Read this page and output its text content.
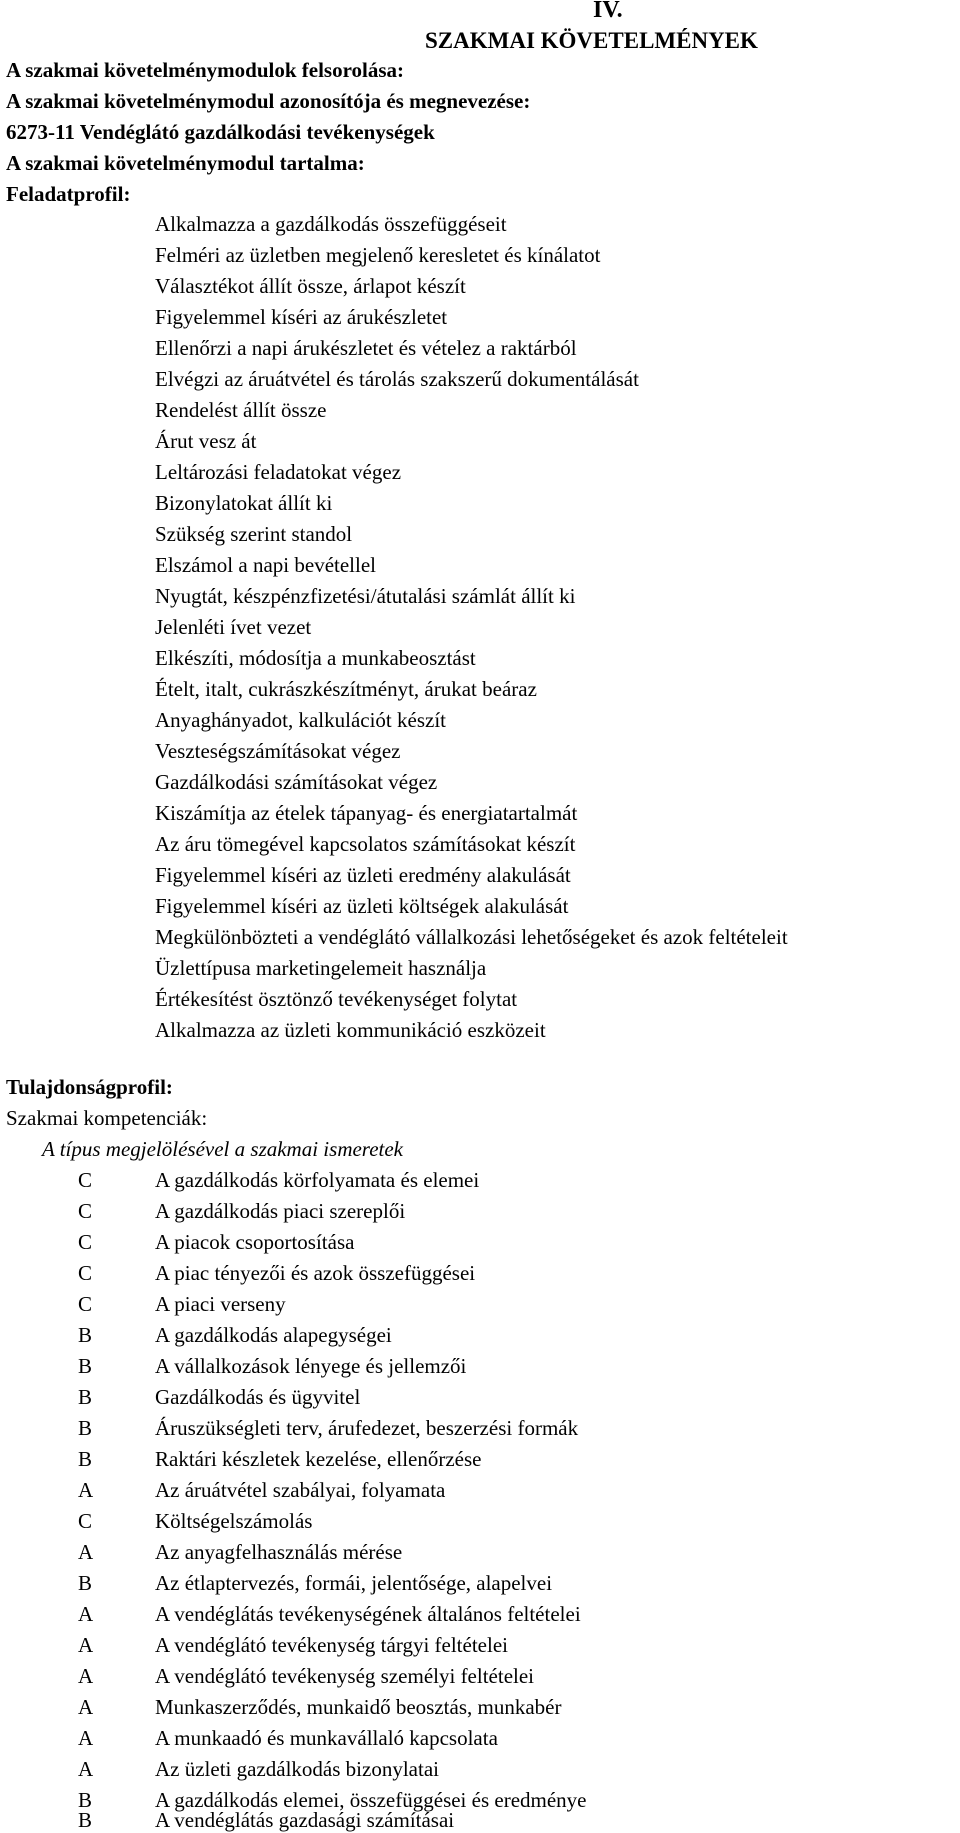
IV.
SZAKMAI KÖVETELMÉNYEK
A szakmai követelménymodulok felsorolása:
A szakmai követelménymodul azonosítója és megnevezése:
6273-11 Vendéglátó gazdálkodási tevékenységek
A szakmai követelménymodul tartalma:
Feladatprofil:
Alkalmazza a gazdálkodás összefüggéseit
Felméri az üzletben megjelenő keresletet és kínálatot
Választékot állít össze, árlapot készít
Figyelemmel kíséri az árukészletet
Ellenőrzi a napi árukészletet és vételez a raktárból
Elvégzi az áruátvétel és tárolás szakszerű dokumentálását
Rendelést állít össze
Árut vesz át
Leltározási feladatokat végez
Bizonylatokat állít ki
Szükség szerint standol
Elszámol a napi bevétellel
Nyugtát, készpénzfizetési/átutalási számlát állít ki
Jelenléti ívet vezet
Elkészíti, módosítja a munkabeosztást
Ételt, italt, cukrászkészítményt, árukat beáraz
Anyaghányadot, kalkulációt készít
Veszteségszámításokat végez
Gazdálkodási számításokat végez
Kiszámítja az ételek tápanyag- és energiatartalmát
Az áru tömegével kapcsolatos számításokat készít
Figyelemmel kíséri az üzleti eredmény alakulását
Figyelemmel kíséri az üzleti költségek alakulását
Megkülönbözteti a vendéglátó vállalkozási lehetőségeket és azok feltételeit
Üzlettípusa marketingelemeit használja
Értékesítést ösztönző tevékenységet folytat
Alkalmazza az üzleti kommunikáció eszközeit
Tulajdonságprofil:
Szakmai kompetenciák:
A típus megjelölésével a szakmai ismeretek
C	A gazdálkodás körfolyamata és elemei
C	A gazdálkodás piaci szereplői
C	A piacok csoportosítása
C	A piac tényezői és azok összefüggései
C	A piaci verseny
B	A gazdálkodás alapegységei
B	A vállalkozások lényege és jellemzői
B	Gazdálkodás és ügyvitel
B	Áruszükségleti terv, árufedezet, beszerzési formák
B	Raktári készletek kezelése, ellenőrzése
A	Az áruátvétel szabályai, folyamata
C	Költségelszámolás
A	Az anyagfelhasználás mérése
B	Az étlaptervezés, formái, jelentősége, alapelvei
A	A vendéglátás tevékenységének általános feltételei
A	A vendéglátó tevékenység tárgyi feltételei
A	A vendéglátó tevékenység személyi feltételei
A	Munkaszerződés, munkaidő beosztás, munkabér
A	A munkaadó és munkavállaló kapcsolata
A	Az üzleti gazdálkodás bizonylatai
B	A gazdálkodás elemei, összefüggései és eredménye
B	A vendéglátás gazdasági számításai
